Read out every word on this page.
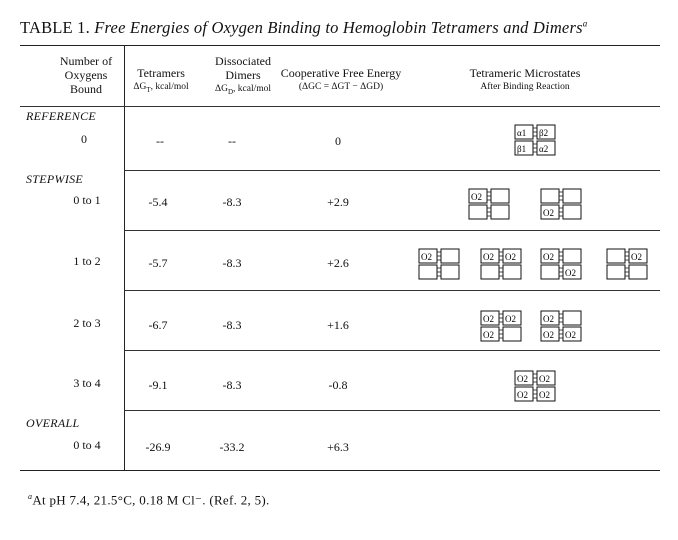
TABLE 1. Free Energies of Oxygen Binding to Hemoglobin Tetramers and Dimers$^a$
Number of Oxygens Bound
Tetramers
$\Delta G_T$, kcal/mol
Dissociated Dimers
$\Delta G_D$, kcal/mol
Cooperative Free Energy
(ΔGC = ΔGT − ΔGD)
Tetrameric Microstates
After Binding Reaction
REFERENCE
STEPWISE
OVERALL
0	--	--	0
0 to 1	-5.4	-8.3	+2.9
1 to 2	-5.7	-8.3	+2.6
2 to 3	-6.7	-8.3	+1.6
3 to 4	-9.1	-8.3	-0.8
0 to 4	-26.9	-33.2	+6.3
α1 β2
β1 α2
O2
O2
O2	O2 O2	O2
O2
O2
O2 O2
O2
O2
O2 O2
O2 O2
O2 O2
$^a$At pH 7.4, 21.5°C, 0.18 M Cl⁻. (Ref. 2, 5).
